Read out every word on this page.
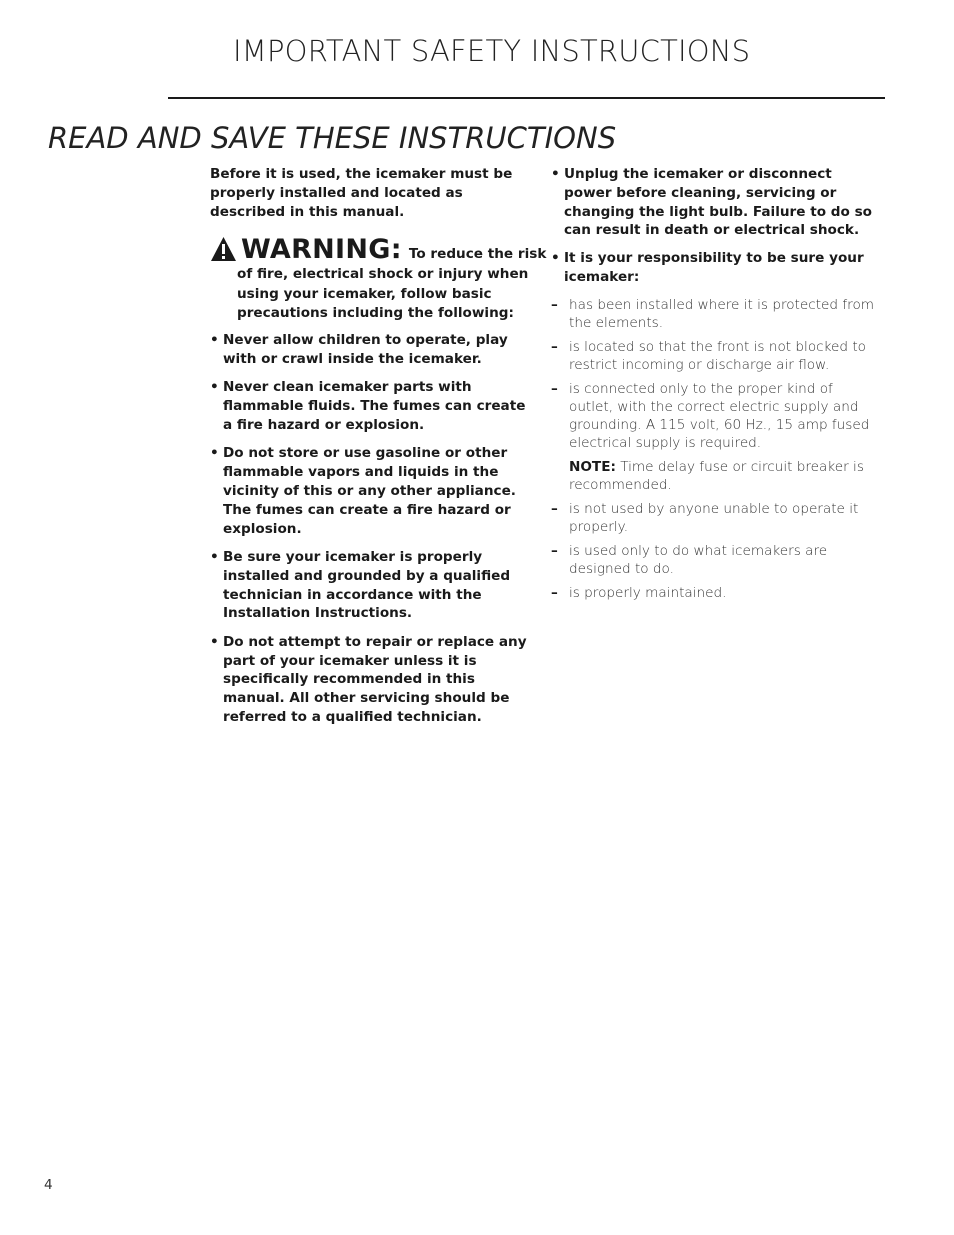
IMPORTANT SAFETY INSTRUCTIONS
READ AND SAVE THESE INSTRUCTIONS

Before it is used, the icemaker must be properly installed and located as described in this manual.

WARNING: To reduce the risk

of fire, electrical shock or injury when using your icemaker, follow basic precautions including the following:

• Never allow children to operate, play with or crawl inside the icemaker.
• Never clean icemaker parts with flammable fluids. The fumes can create a fire hazard or explosion.
• Do not store or use gasoline or other flammable vapors and liquids in the vicinity of this or any other appliance. The fumes can create a fire hazard or explosion.
• Be sure your icemaker is properly installed and grounded by a qualified technician in accordance with the Installation Instructions.
• Do not attempt to repair or replace any part of your icemaker unless it is specifically recommended in this manual. All other servicing should be referred to a qualified technician.
• Unplug the icemaker or disconnect power before cleaning, servicing or changing the light bulb. Failure to do so can result in death or electrical shock.
• It is your responsibility to be sure your icemaker:
– has been installed where it is protected from the elements.
– is located so that the front is not blocked to restrict incoming or discharge air flow.
– is connected only to the proper kind of outlet, with the correct electric supply and grounding. A 115 volt, 60 Hz., 15 amp fused electrical supply is required.

NOTE: Time delay fuse or circuit breaker is recommended.

– is not used by anyone unable to operate it properly.
– is used only to do what icemakers are designed to do.
– is properly maintained.
4
